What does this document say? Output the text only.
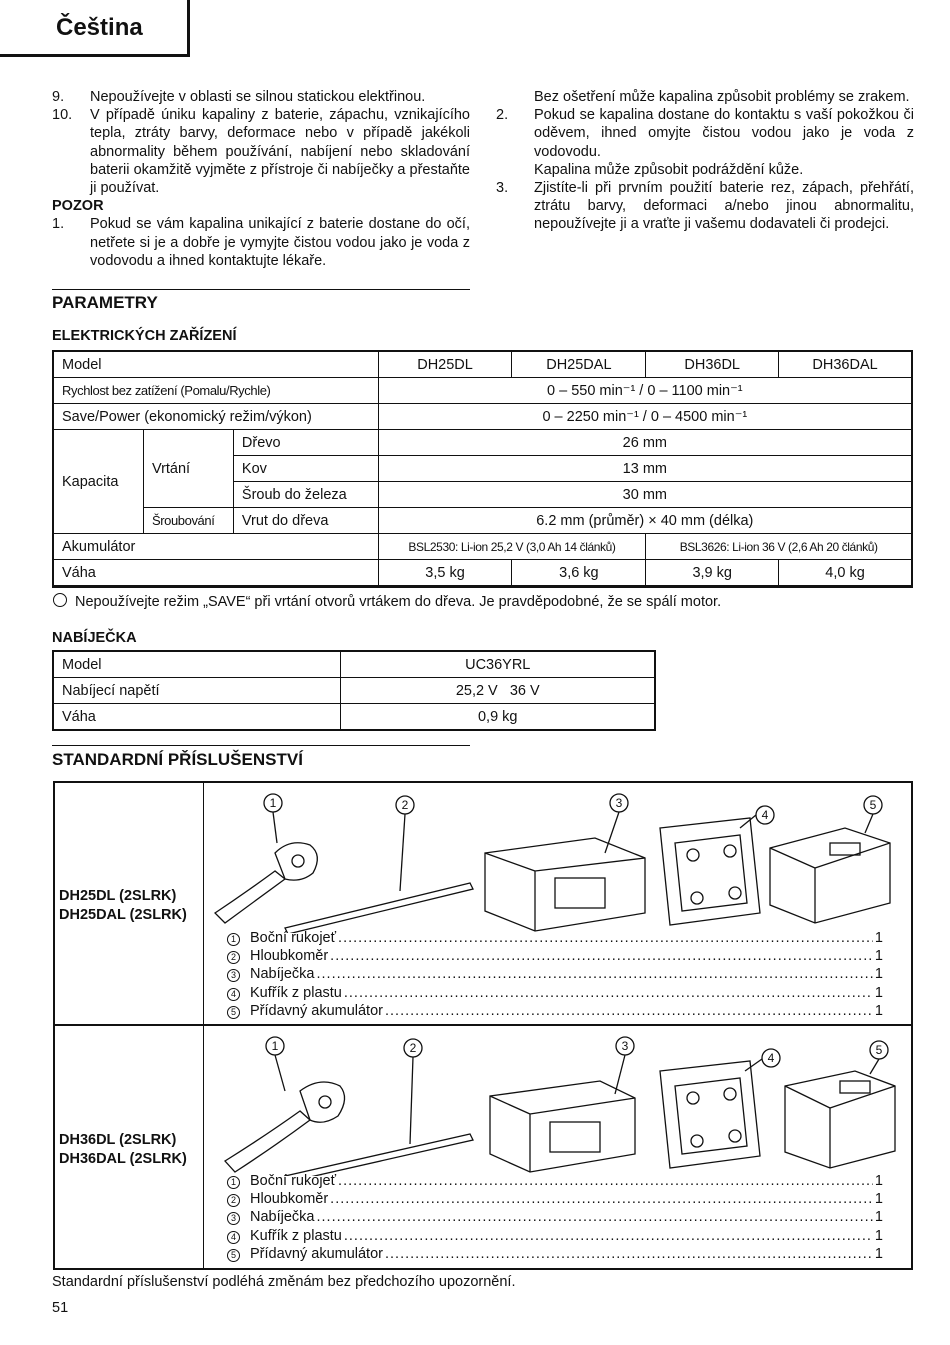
Čeština
9.	Nepoužívejte v oblasti se silnou statickou elektřinou.
10.	V případě úniku kapaliny z baterie, zápachu, vznikajícího tepla, ztráty barvy, deformace nebo v případě jakékoli abnormality během používání, nabíjení nebo skladování baterii okamžitě vyjměte z přístroje či nabíječky a přestaňte ji používat.
POZOR
1.	Pokud se vám kapalina unikající z baterie dostane do očí, netřete si je a dobře je vymyjte čistou vodou jako je voda z vodovodu a ihned kontaktujte lékaře.
Bez ošetření může kapalina způsobit problémy se zrakem.
2.	Pokud se kapalina dostane do kontaktu s vaší pokožkou či oděvem, ihned omyjte čistou vodou jako je voda z vodovodu.
Kapalina může způsobit podráždění kůže.
3.	Zjistíte-li při prvním použití baterie rez, zápach, přehřátí, ztrátu barvy, deformaci a/nebo jinou abnormalitu, nepoužívejte ji a vraťte ji vašemu dodavateli či prodejci.
PARAMETRY
ELEKTRICKÝCH ZAŘÍZENÍ
Model			DH25DL	DH25DAL	DH36DL	DH36DAL
Rychlost bez zatížení (Pomalu/Rychle)			0 – 550 min⁻¹ / 0 – 1100 min⁻¹			
Save/Power (ekonomický režim/výkon)			0 – 2250 min⁻¹ / 0 – 4500 min⁻¹			
Kapacita	Vrtání	Dřevo	26 mm			
		Kov	13 mm			
		Šroub do železa	30 mm			
	Šroubování	Vrut do dřeva	6.2 mm (průměr) × 40 mm (délka)			
Akumulátor			BSL2530: Li-ion 25,2 V (3,0 Ah 14 článků)		BSL3626: Li-ion 36 V (2,6 Ah 20 článků)	
Váha			3,5 kg	3,6 kg	3,9 kg	4,0 kg
Nepoužívejte režim „SAVE“ při vrtání otvorů vrtákem do dřeva. Je pravděpodobné, že se spálí motor.
NABÍJEČKA
Model	UC36YRL
Nabíjecí napětí	25,2 V   36 V
Váha	0,9 kg
STANDARDNÍ PŘÍSLUŠENSTVÍ
1	2	3
4
5
DH25DL (2SLRK)
DH25DAL (2SLRK)
1 Boční rukojeť .....	1
2 Hloubkoměr .....	1
3 Nabíječka .....	1
4 Kufřík z plastu .....	1
5 Přídavný akumulátor .....	1
1	2	3
4
5
DH36DL (2SLRK)
DH36DAL (2SLRK)
1 Boční rukojeť .....	1
2 Hloubkoměr .....	1
3 Nabíječka .....	1
4 Kufřík z plastu .....	1
5 Přídavný akumulátor .....	1
Standardní příslušenství podléhá změnám bez předchozího upozornění.
51
